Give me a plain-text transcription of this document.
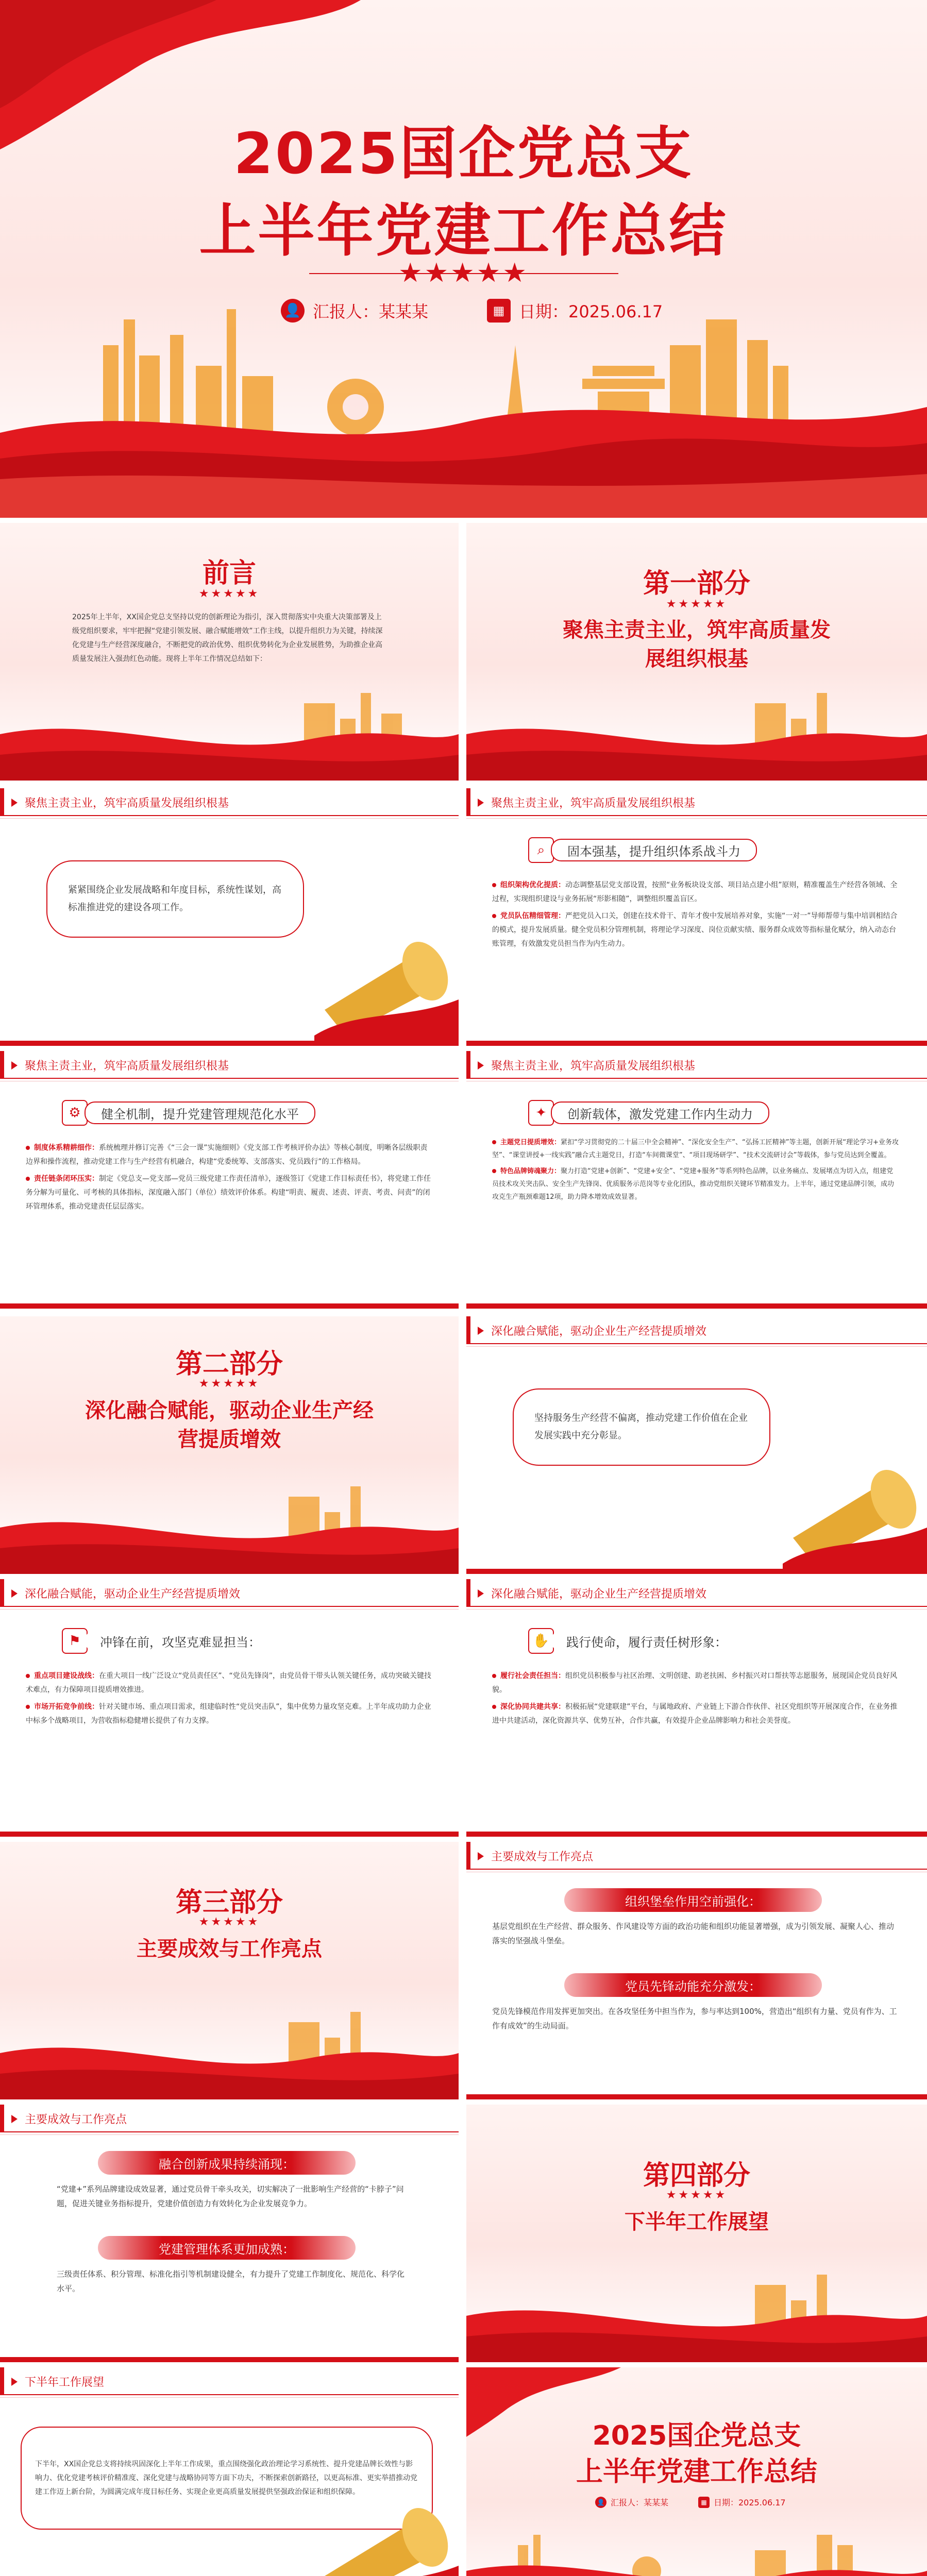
2025国企党总支
上半年党建工作总结
★★★★★
👤 汇报人：某某某	▦ 日期：2025.06.17
前言
★★★★★
2025年上半年，XX国企党总支坚持以党的创新理论为指引，深入贯彻落实中央重大决策部署及上级党组织要求，牢牢把握“党建引领发展、融合赋能增效”工作主线，以提升组织力为关键，持续深化党建与生产经营深度融合，不断把党的政治优势、组织优势转化为企业发展胜势，为助推企业高质量发展注入强劲红色动能。现将上半年工作情况总结如下：
第一部分
★★★★★
聚焦主责主业，筑牢高质量发展组织根基
聚焦主责主业，筑牢高质量发展组织根基
紧紧围绕企业发展战略和年度目标，系统性谋划，高标准推进党的建设各项工作。
聚焦主责主业，筑牢高质量发展组织根基
⌕	固本强基，提升组织体系战斗力
组织架构优化提质：动态调整基层党支部设置，按照“业务板块设支部、项目站点建小组”原则，精准覆盖生产经营各领域、全过程，实现组织建设与业务拓展“形影相随”，调整组织覆盖盲区。
党员队伍精细管理：严把党员入口关，创建在技术骨干、青年才俊中发展培养对象，实施“一对一”导师帮带与集中培训相结合的模式，提升发展质量。健全党员积分管理机制，将理论学习深度、岗位贡献实绩、服务群众成效等指标量化赋分，纳入动态台账管理，有效激发党员担当作为内生动力。
聚焦主责主业，筑牢高质量发展组织根基
⚙	健全机制，提升党建管理规范化水平
制度体系精耕细作：系统梳理并修订完善《“三会一课”实施细则》《党支部工作考核评价办法》等核心制度，明晰各层级职责边界和操作流程，推动党建工作与生产经营有机融合，构建“党委统筹、支部落实、党员践行”的工作格局。
责任链条闭环压实：制定《党总支—党支部—党员三级党建工作责任清单》，逐级签订《党建工作目标责任书》，将党建工作任务分解为可量化、可考核的具体指标，深度融入部门（单位）绩效评价体系。构建“明责、履责、述责、评责、考责、问责”的闭环管理体系，推动党建责任层层落实。
聚焦主责主业，筑牢高质量发展组织根基
✦	创新载体，激发党建工作内生动力
主题党日提质增效：紧扣“学习贯彻党的二十届三中全会精神”、“深化安全生产”、“弘扬工匠精神”等主题，创新开展“理论学习+业务攻坚”、“课堂讲授+一线实践”融合式主题党日，打造“车间微课堂”、“项目现场研学”、“技术交流研讨会”等载体，参与党员达到全覆盖。
特色品牌铸魂聚力：聚力打造“党建+创新”、“党建+安全”、“党建+服务”等系列特色品牌，以业务痛点、发展堵点为切入点，组建党员技术攻关突击队、安全生产先锋岗、优质服务示范岗等专业化团队，推动党组织关键环节精准发力。上半年，通过党建品牌引领，成功攻克生产瓶颈难题12项，助力降本增效成效显著。
第二部分
★★★★★
深化融合赋能，驱动企业生产经营提质增效
深化融合赋能，驱动企业生产经营提质增效
坚持服务生产经营不偏离，推动党建工作价值在企业发展实践中充分彰显。
深化融合赋能，驱动企业生产经营提质增效
⚑	冲锋在前，攻坚克难显担当：
重点项目建设战线：在重大项目一线广泛设立“党员责任区”、“党员先锋岗”，由党员骨干带头认领关键任务，成功突破关键技术难点，有力保障项目提质增效推进。
市场开拓竞争前线：针对关键市场、重点项目需求，组建临时性“党员突击队”，集中优势力量攻坚克难。上半年成功助力企业中标多个战略项目，为营收指标稳健增长提供了有力支撑。
深化融合赋能，驱动企业生产经营提质增效
✋	践行使命，履行责任树形象：
履行社会责任担当：组织党员积极参与社区治理、文明创建、助老扶困、乡村振兴对口帮扶等志愿服务，展现国企党员良好风貌。
深化协同共建共享：积极拓展“党建联建”平台，与属地政府、产业链上下游合作伙伴、社区党组织等开展深度合作，在业务推进中共建活动，深化资源共享、优势互补，合作共赢，有效提升企业品牌影响力和社会美誉度。
第三部分
★★★★★
主要成效与工作亮点
主要成效与工作亮点
组织堡垒作用空前强化：
基层党组织在生产经营、群众服务、作风建设等方面的政治功能和组织功能显著增强，成为引领发展、凝聚人心、推动落实的坚强战斗堡垒。
党员先锋动能充分激发：
党员先锋模范作用发挥更加突出。在各攻坚任务中担当作为，参与率达到100%，营造出“组织有力量、党员有作为、工作有成效”的生动局面。
主要成效与工作亮点
融合创新成果持续涌现：
“党建+”系列品牌建设成效显著，通过党员骨干牵头攻关，切实解决了一批影响生产经营的“卡脖子”问题，促进关键业务指标提升，党建价值创造力有效转化为企业发展竞争力。
党建管理体系更加成熟：
三级责任体系、积分管理、标准化指引等机制建设健全，有力提升了党建工作制度化、规范化、科学化水平。
第四部分
★★★★★
下半年工作展望
下半年工作展望
下半年，XX国企党总支将持续巩固深化上半年工作成果，重点围绕强化政治理论学习系统性、提升党建品牌长效性与影响力、优化党建考核评价精准度、深化党建与战略协同等方面下功夫，不断探索创新路径，以更高标准、更实举措推动党建工作迈上新台阶，为圆满完成年度目标任务、实现企业更高质量发展提供坚强政治保证和组织保障。
2025国企党总支
上半年党建工作总结
👤 汇报人：某某某	▦ 日期：2025.06.17
